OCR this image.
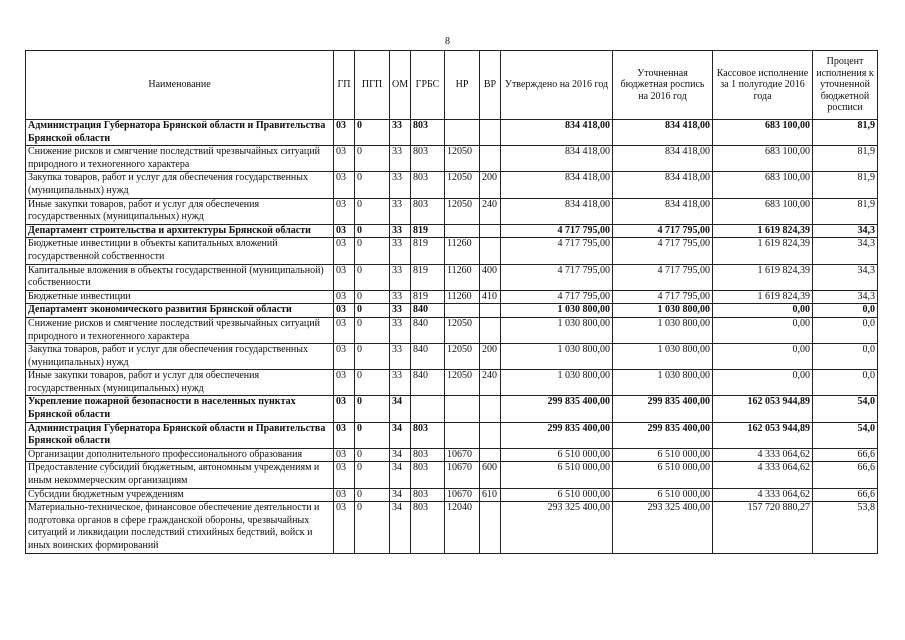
8
Наименование	ГП	ПГП	ОМ	ГРБС	НР	ВР	Утверждено на 2016 год	Уточненная бюджетная роспись на 2016 год	Кассовое исполнение за 1 полугодие 2016 года	Процент исполнения к уточненной бюджетной росписи
Администрация Губернатора Брянской области и Правительства Брянской области	03	0	33	803			834 418,00	834 418,00	683 100,00	81,9
Снижение рисков и смягчение последствий чрезвычайных ситуаций природного и техногенного характера	03	0	33	803	12050		834 418,00	834 418,00	683 100,00	81,9
Закупка товаров, работ и услуг для обеспечения государственных (муниципальных) нужд	03	0	33	803	12050	200	834 418,00	834 418,00	683 100,00	81,9
Иные закупки товаров, работ и услуг для обеспечения государственных (муниципальных) нужд	03	0	33	803	12050	240	834 418,00	834 418,00	683 100,00	81,9
Департамент строительства и архитектуры Брянской области	03	0	33	819			4 717 795,00	4 717 795,00	1 619 824,39	34,3
Бюджетные инвестиции в объекты капитальных вложений государственной собственности	03	0	33	819	11260		4 717 795,00	4 717 795,00	1 619 824,39	34,3
Капитальные вложения в объекты государственной (муниципальной) собственности	03	0	33	819	11260	400	4 717 795,00	4 717 795,00	1 619 824,39	34,3
Бюджетные инвестиции	03	0	33	819	11260	410	4 717 795,00	4 717 795,00	1 619 824,39	34,3
Департамент экономического развития Брянской области	03	0	33	840			1 030 800,00	1 030 800,00	0,00	0,0
Снижение рисков и смягчение последствий чрезвычайных ситуаций природного и техногенного характера	03	0	33	840	12050		1 030 800,00	1 030 800,00	0,00	0,0
Закупка товаров, работ и услуг для обеспечения государственных (муниципальных) нужд	03	0	33	840	12050	200	1 030 800,00	1 030 800,00	0,00	0,0
Иные закупки товаров, работ и услуг для обеспечения государственных (муниципальных) нужд	03	0	33	840	12050	240	1 030 800,00	1 030 800,00	0,00	0,0
Укрепление пожарной безопасности в населенных пунктах Брянской области	03	0	34				299 835 400,00	299 835 400,00	162 053 944,89	54,0
Администрация Губернатора Брянской области и Правительства Брянской области	03	0	34	803			299 835 400,00	299 835 400,00	162 053 944,89	54,0
Организации дополнительного профессионального образования	03	0	34	803	10670		6 510 000,00	6 510 000,00	4 333 064,62	66,6
Предоставление субсидий бюджетным, автономным учреждениям и иным некоммерческим организациям	03	0	34	803	10670	600	6 510 000,00	6 510 000,00	4 333 064,62	66,6
Субсидии бюджетным учреждениям	03	0	34	803	10670	610	6 510 000,00	6 510 000,00	4 333 064,62	66,6
Материально-техническое, финансовое обеспечение деятельности и подготовка органов в сфере гражданской обороны, чрезвычайных ситуаций и ликвидации последствий стихийных бедствий, войск и иных воинских формирований	03	0	34	803	12040		293 325 400,00	293 325 400,00	157 720 880,27	53,8
